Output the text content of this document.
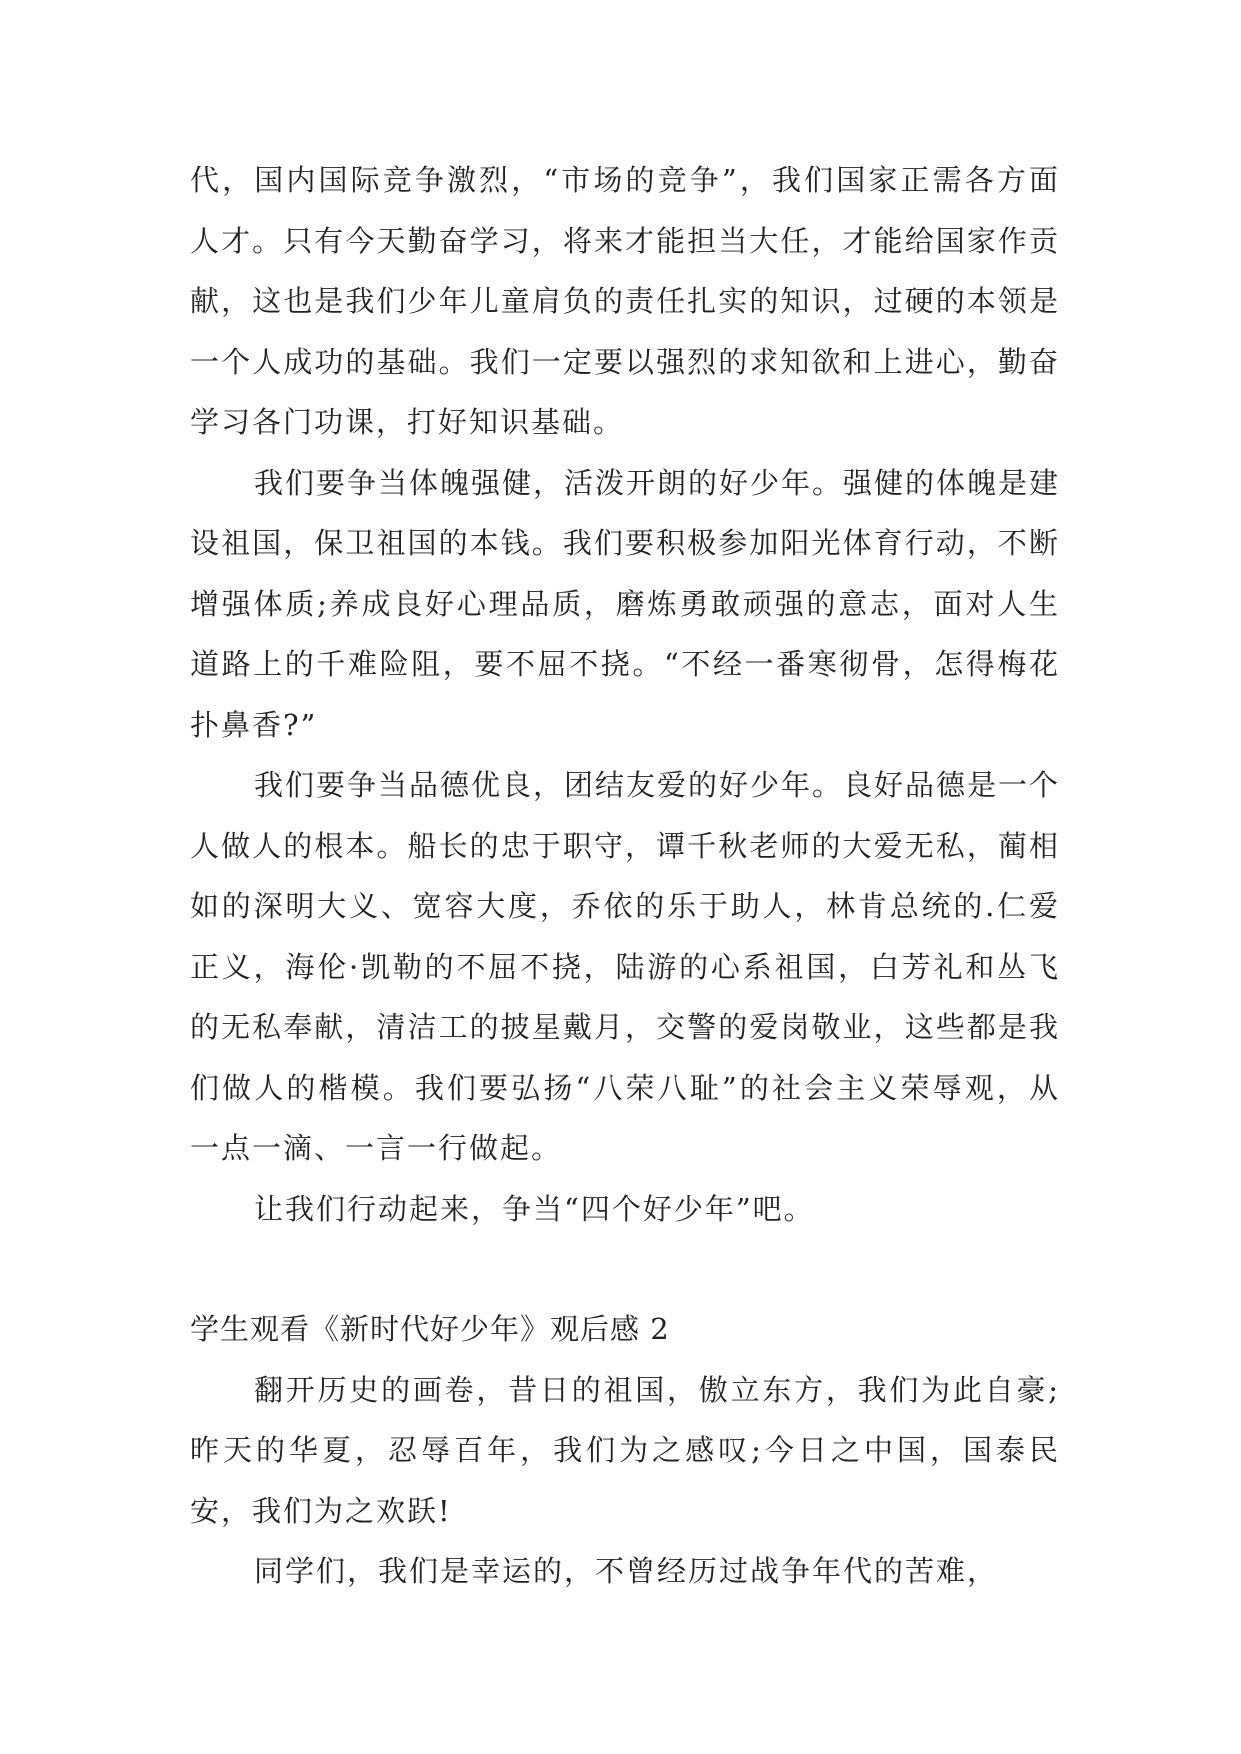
代，国内国际竞争激烈，“市场的竞争”，我们国家正需各方面人才。只有今天勤奋学习，将来才能担当大任，才能给国家作贡献，这也是我们少年儿童肩负的责任扎实的知识，过硬的本领是一个人成功的基础。我们一定要以强烈的求知欲和上进心，勤奋学习各门功课，打好知识基础。

我们要争当体魄强健，活泼开朗的好少年。强健的体魄是建设祖国，保卫祖国的本钱。我们要积极参加阳光体育行动，不断增强体质;养成良好心理品质，磨炼勇敢顽强的意志，面对人生道路上的千难险阻，要不屈不挠。“不经一番寒彻骨，怎得梅花扑鼻香?”

我们要争当品德优良，团结友爱的好少年。良好品德是一个人做人的根本。船长的忠于职守，谭千秋老师的大爱无私，蔺相如的深明大义、宽容大度，乔依的乐于助人，林肯总统的.仁爱正义，海伦·凯勒的不屈不挠，陆游的心系祖国，白芳礼和丛飞的无私奉献，清洁工的披星戴月，交警的爱岗敬业，这些都是我们做人的楷模。我们要弘扬“八荣八耻”的社会主义荣辱观，从一点一滴、一言一行做起。

让我们行动起来，争当“四个好少年”吧。

学生观看《新时代好少年》观后感 2

翻开历史的画卷，昔日的祖国，傲立东方，我们为此自豪;昨天的华夏，忍辱百年，我们为之感叹;今日之中国，国泰民安，我们为之欢跃!

同学们，我们是幸运的，不曾经历过战争年代的苦难，
